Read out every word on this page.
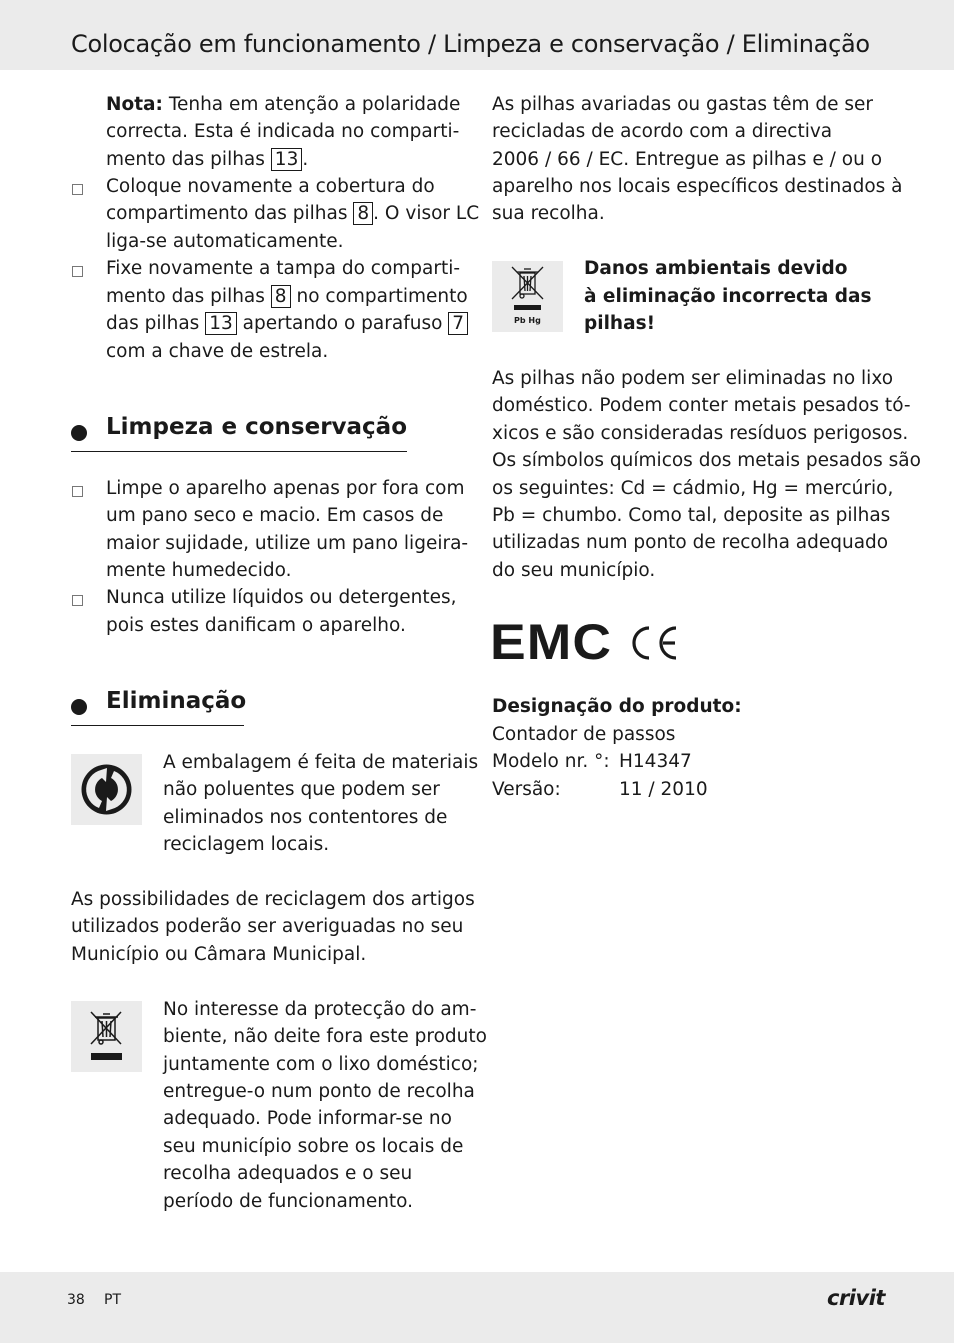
Colocação em funcionamento / Limpeza e conservação / Eliminação

Nota: Tenha em atenção a polaridade

correcta. Esta é indicada no comparti-

mento das pilhas 13 .

Coloque novamente a cobertura do

compartimento das pilhas 8 . O visor LC

liga-se automaticamente.

Fixe novamente a tampa do comparti-

mento das pilhas 8 no compartimento

das pilhas 13 apertando o parafuso 7

com a chave de estrela.

Limpeza e conservação

Limpe o aparelho apenas por fora com

um pano seco e macio. Em casos de

maior sujidade, utilize um pano ligeira-

mente humedecido.

Nunca utilize líquidos ou detergentes,

pois estes danificam o aparelho.

Eliminação

A embalagem é feita de materiais

não poluentes que podem ser

eliminados nos contentores de

reciclagem locais.

As possibilidades de reciclagem dos artigos

utilizados poderão ser averiguadas no seu

Município ou Câmara Municipal.

No interesse da protecção do am-

biente, não deite fora este produto

juntamente com o lixo doméstico;

entregue-o num ponto de recolha

adequado. Pode informar-se no

seu município sobre os locais de

recolha adequados e o seu

período de funcionamento.

As pilhas avariadas ou gastas têm de ser

recicladas de acordo com a directiva

2006 / 66 / EC. Entregue as pilhas e / ou o

aparelho nos locais específicos destinados à

sua recolha.

Pb Hg

Danos ambientais devido

à eliminação incorrecta das

pilhas!

As pilhas não podem ser eliminadas no lixo

doméstico. Podem conter metais pesados tó-

xicos e são consideradas resíduos perigosos.

Os símbolos químicos dos metais pesados são

os seguintes: Cd = cádmio, Hg = mercúrio,

Pb = chumbo. Como tal, deposite as pilhas

utilizadas num ponto de recolha adequado

do seu município.

EMC

Designação do produto:

Contador de passos

Modelo nr. °: H14347

Versão:	11 / 2010

38 PT	crivit
